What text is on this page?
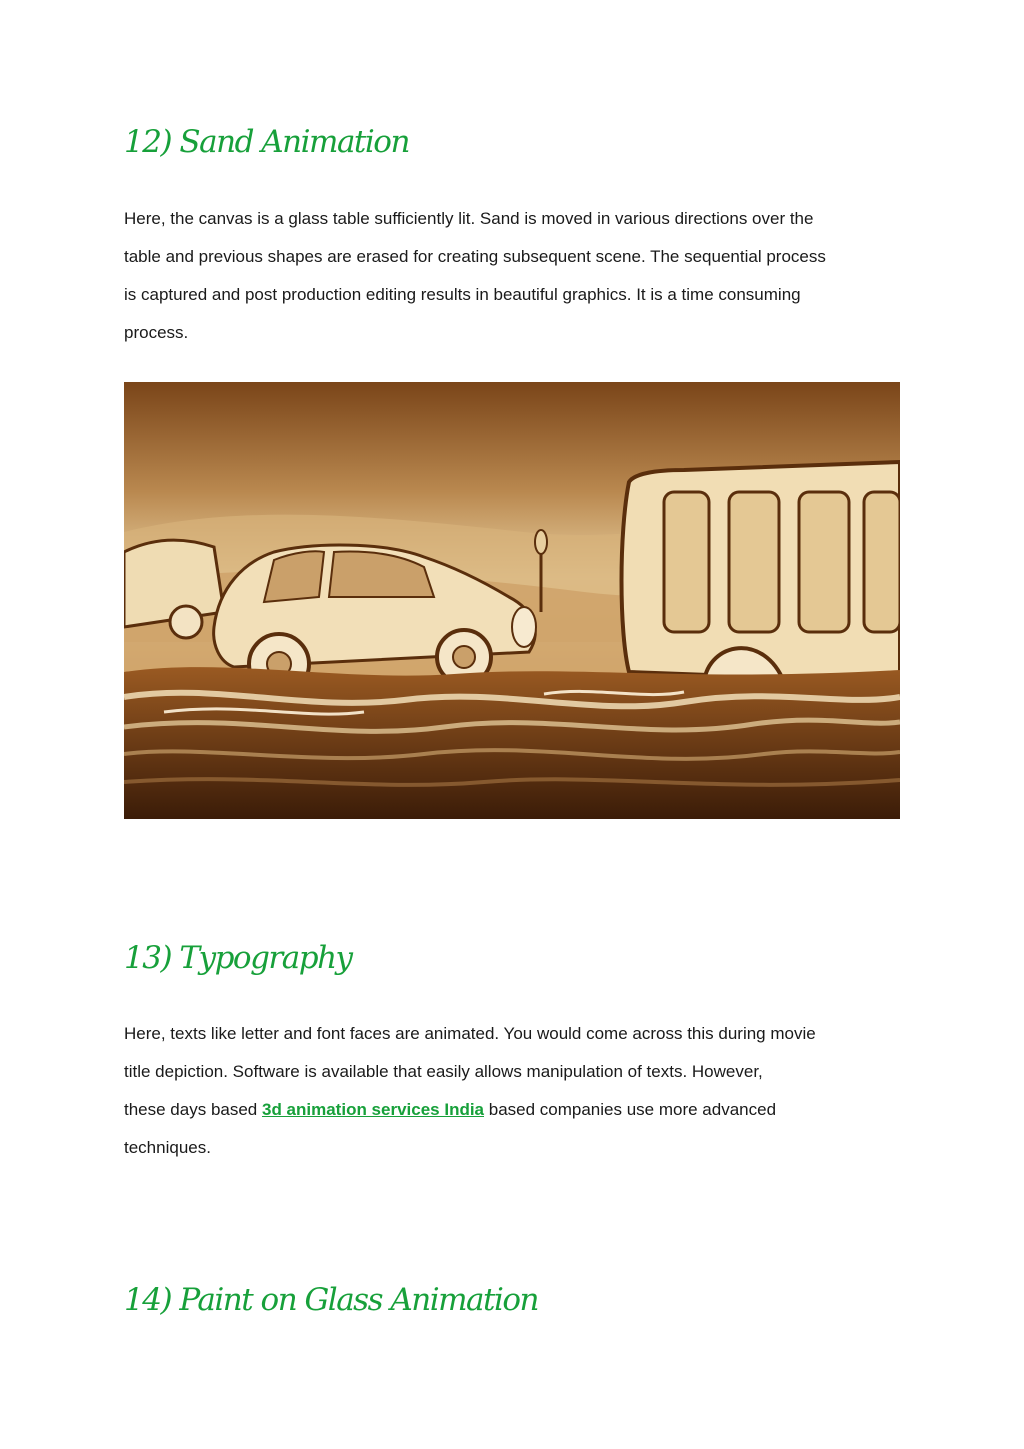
12) Sand Animation
Here, the canvas is a glass table sufficiently lit. Sand is moved in various directions over the
table and previous shapes are erased for creating subsequent scene. The sequential process
is captured and post production editing results in beautiful graphics. It is a time consuming
process.
13) Typography
Here, texts like letter and font faces are animated. You would come across this during movie
title depiction. Software is available that easily allows manipulation of texts. However,
these days based 3d animation services India based companies use more advanced
techniques.
14) Paint on Glass Animation
